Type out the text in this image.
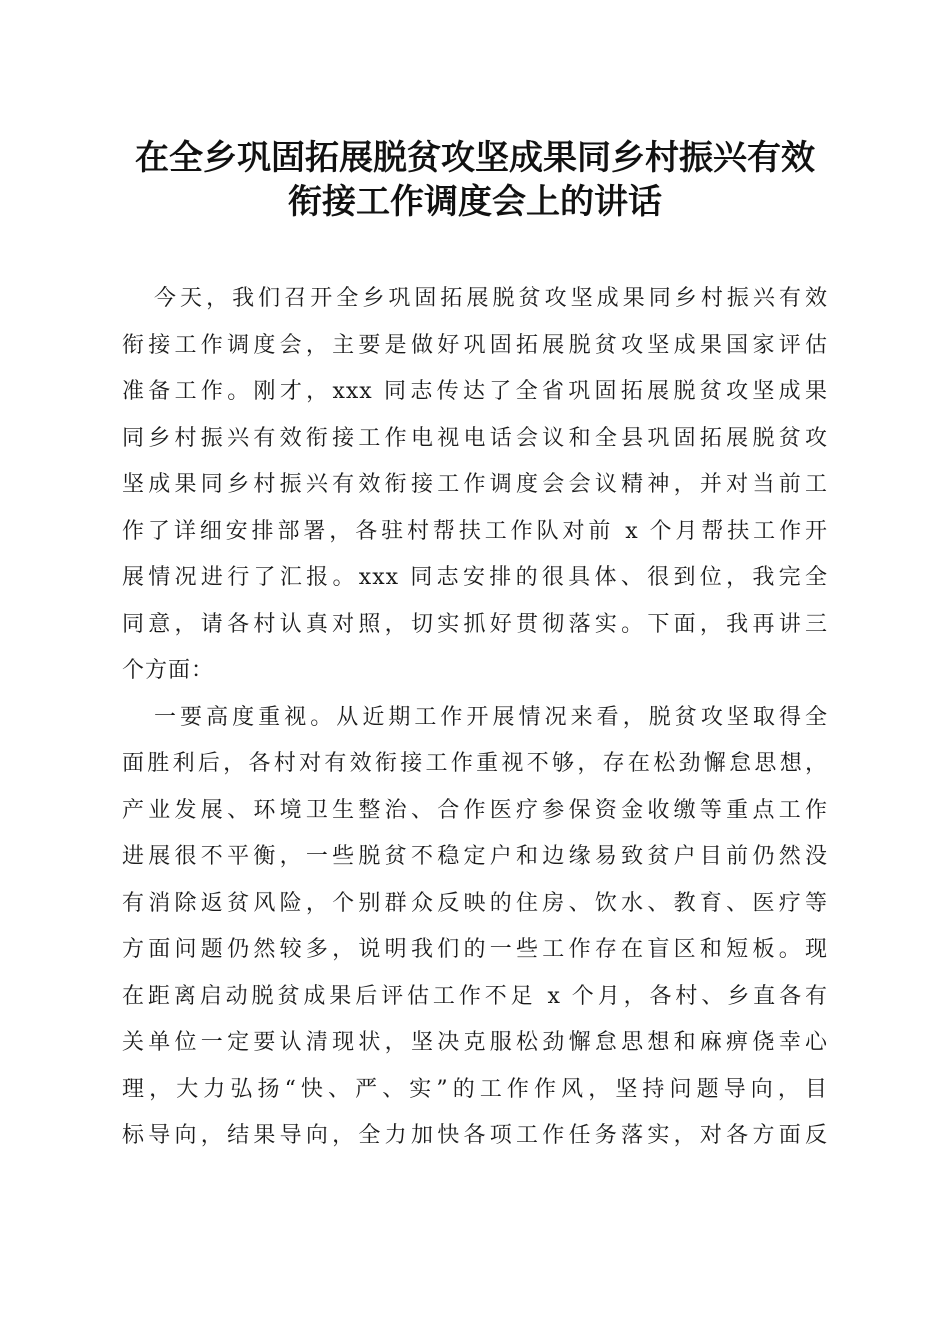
在全乡巩固拓展脱贫攻坚成果同乡村振兴有效
衔接工作调度会上的讲话
今天，我们召开全乡巩固拓展脱贫攻坚成果同乡村振兴有效
衔接工作调度会，主要是做好巩固拓展脱贫攻坚成果国家评估
准备工作。刚才，xxx 同志传达了全省巩固拓展脱贫攻坚成果
同乡村振兴有效衔接工作电视电话会议和全县巩固拓展脱贫攻
坚成果同乡村振兴有效衔接工作调度会会议精神，并对当前工
作了详细安排部署，各驻村帮扶工作队对前 x 个月帮扶工作开
展情况进行了汇报。xxx 同志安排的很具体、很到位，我完全
同意，请各村认真对照，切实抓好贯彻落实。下面，我再讲三
个方面：
一要高度重视。从近期工作开展情况来看，脱贫攻坚取得全
面胜利后，各村对有效衔接工作重视不够，存在松劲懈怠思想，
产业发展、环境卫生整治、合作医疗参保资金收缴等重点工作
进展很不平衡，一些脱贫不稳定户和边缘易致贫户目前仍然没
有消除返贫风险，个别群众反映的住房、饮水、教育、医疗等
方面问题仍然较多，说明我们的一些工作存在盲区和短板。现
在距离启动脱贫成果后评估工作不足 x 个月，各村、乡直各有
关单位一定要认清现状，坚决克服松劲懈怠思想和麻痹侥幸心
理，大力弘扬“快、严、实”的工作作风，坚持问题导向，目
标导向，结果导向，全力加快各项工作任务落实，对各方面反
